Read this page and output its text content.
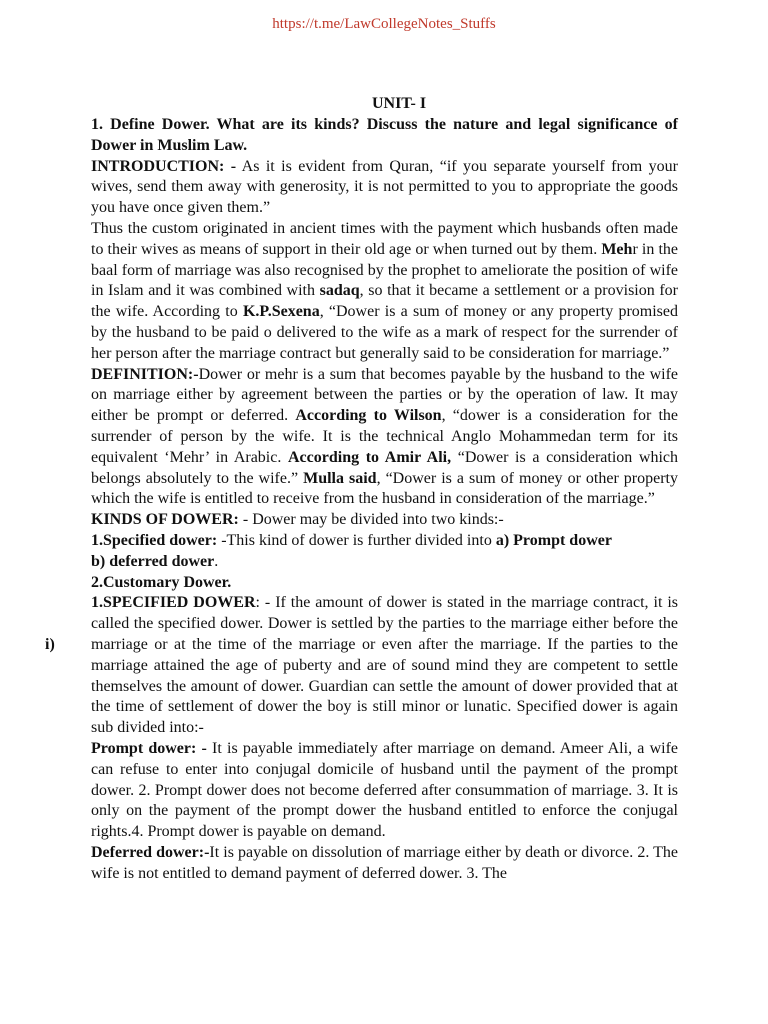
https://t.me/LawCollegeNotes_Stuffs
UNIT- I
i)

1. Define Dower. What are its kinds? Discuss the nature and legal significance of Dower in Muslim Law.

INTRODUCTION: - As it is evident from Quran, “if you separate yourself from your wives, send them away with generosity, it is not permitted to you to appropriate the goods you have once given them.”

Thus the custom originated in ancient times with the payment which husbands often made to their wives as means of support in their old age or when turned out by them. Mehr in the baal form of marriage was also recognised by the prophet to ameliorate the position of wife in Islam and it was combined with sadaq, so that it became a settlement or a provision for the wife. According to K.P.Sexena, “Dower is a sum of money or any property promised by the husband to be paid o delivered to the wife as a mark of respect for the surrender of her person after the marriage contract but generally said to be consideration for marriage.”

DEFINITION:-Dower or mehr is a sum that becomes payable by the husband to the wife on marriage either by agreement between the parties or by the operation of law. It may either be prompt or deferred. According to Wilson, “dower is a consideration for the surrender of person by the wife. It is the technical Anglo Mohammedan term for its equivalent ‘Mehr’ in Arabic. According to Amir Ali, “Dower is a consideration which belongs absolutely to the wife.” Mulla said, “Dower is a sum of money or other property which the wife is entitled to receive from the husband in consideration of the marriage.”

KINDS OF DOWER: - Dower may be divided into two kinds:-

1.Specified dower: -This kind of dower is further divided into a) Prompt dower b) deferred dower.

2.Customary Dower.

1.SPECIFIED DOWER: - If the amount of dower is stated in the marriage contract, it is called the specified dower. Dower is settled by the parties to the marriage either before the marriage or at the time of the marriage or even after the marriage. If the parties to the marriage attained the age of puberty and are of sound mind they are competent to settle themselves the amount of dower. Guardian can settle the amount of dower provided that at the time of settlement of dower the boy is still minor or lunatic. Specified dower is again sub divided into:-

Prompt dower: - It is payable immediately after marriage on demand. Ameer Ali, a wife can refuse to enter into conjugal domicile of husband until the payment of the prompt dower. 2. Prompt dower does not become deferred after consummation of marriage. 3. It is only on the payment of the prompt dower the husband entitled to enforce the conjugal rights.4. Prompt dower is payable on demand.

Deferred dower:-It is payable on dissolution of marriage either by death or divorce. 2. The wife is not entitled to demand payment of deferred dower. 3. The
